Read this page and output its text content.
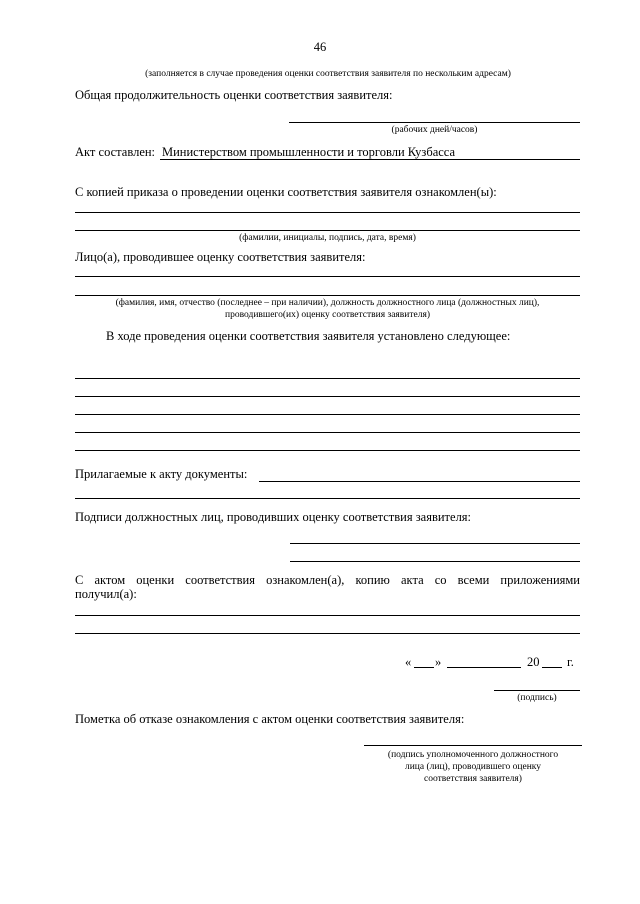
46
(заполняется в случае проведения оценки соответствия заявителя по нескольким адресам)
Общая продолжительность оценки соответствия заявителя:
(рабочих дней/часов)
Акт составлен: Министерством промышленности и торговли Кузбасса
С копией приказа о проведении оценки соответствия заявителя ознакомлен(ы):
(фамилии, инициалы, подпись, дата, время)
Лицо(а), проводившее оценку соответствия заявителя:
(фамилия, имя, отчество (последнее – при наличии), должность должностного лица (должностных лиц),
проводившего(их) оценку соответствия заявителя)
В ходе проведения оценки соответствия заявителя установлено следующее:
Прилагаемые к акту документы:
Подписи должностных лиц, проводивших оценку соответствия заявителя:
С актом оценки соответствия ознакомлен(а), копию акта со всеми приложениями
получил(а):
« »	20 г.
(подпись)
Пометка об отказе ознакомления с актом оценки соответствия заявителя:
(подпись уполномоченного должностного
лица (лиц), проводившего оценку
соответствия заявителя)
